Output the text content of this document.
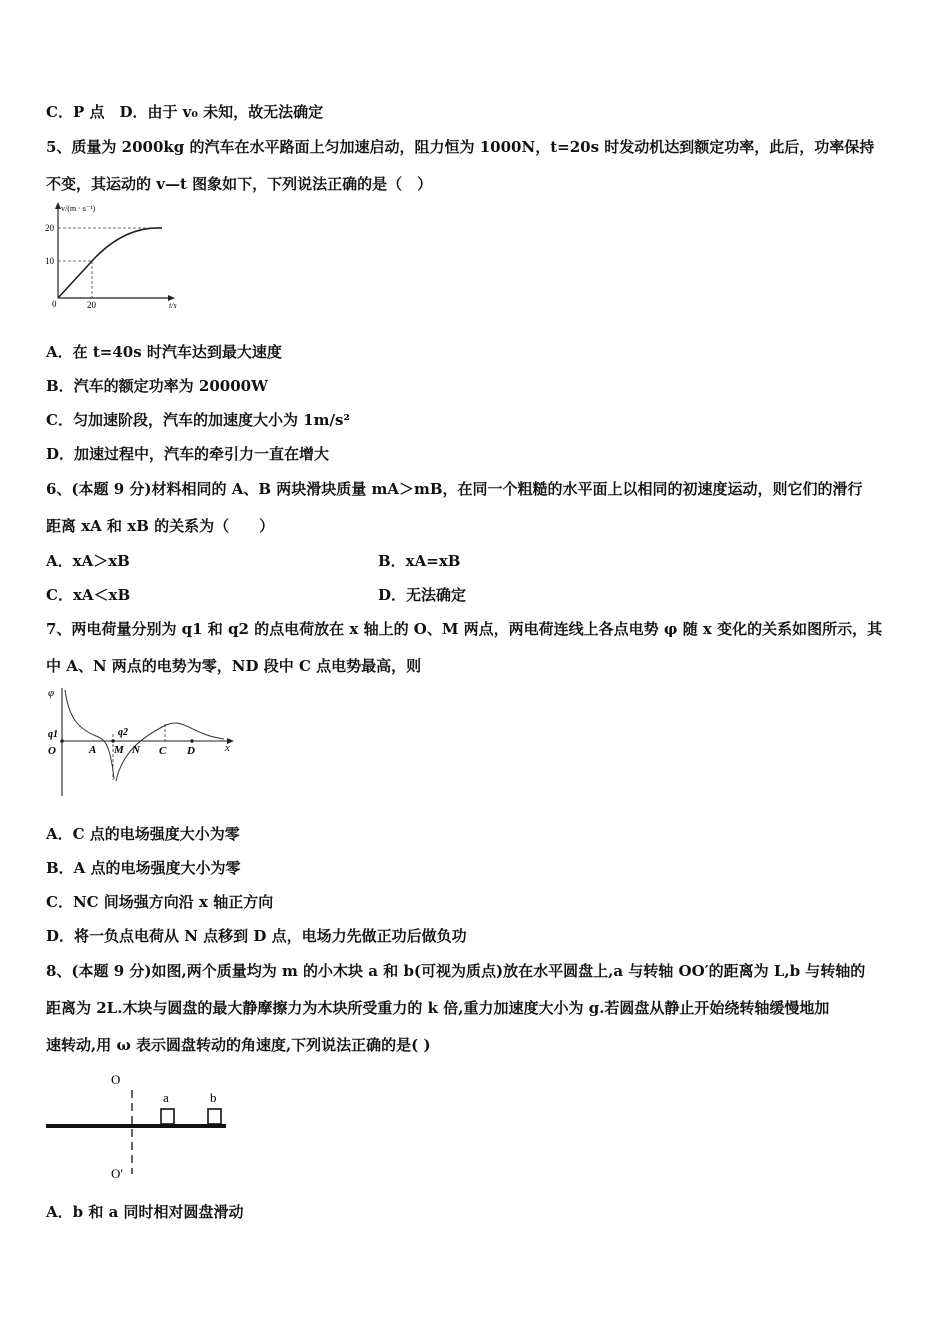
C．P 点　D．由于 v₀ 未知，故无法确定
5、质量为 2000kg 的汽车在水平路面上匀加速启动，阻力恒为 1000N，t=20s 时发动机达到额定功率，此后，功率保持
不变，其运动的 v—t 图象如下，下列说法正确的是（　）
v/(m · s⁻¹)
t/s
20
10
0	20
A．在 t=40s 时汽车达到最大速度
B．汽车的额定功率为 20000W
C．匀加速阶段，汽车的加速度大小为 1m/s²
D．加速过程中，汽车的牵引力一直在增大
6、(本题 9 分)材料相同的 A、B 两块滑块质量 mA＞mB，在同一个粗糙的水平面上以相同的初速度运动，则它们的滑行
距离 xA 和 xB 的关系为（　　）
A．xA＞xB	B．xA=xB
C．xA＜xB	D．无法确定
7、两电荷量分别为 q1 和 q2 的点电荷放在 x 轴上的 O、M 两点，两电荷连线上各点电势 φ 随 x 变化的关系如图所示，其
中 A、N 两点的电势为零，ND 段中 C 点电势最高，则
φ
q1
O	A
q2
M N C D	x
A．C 点的电场强度大小为零
B．A 点的电场强度大小为零
C．NC 间场强方向沿 x 轴正方向
D．将一负点电荷从 N 点移到 D 点，电场力先做正功后做负功
8、(本题 9 分)如图,两个质量均为 m 的小木块 a 和 b(可视为质点)放在水平圆盘上,a 与转轴 OO′的距离为 L,b 与转轴的
距离为 2L.木块与圆盘的最大静摩擦力为木块所受重力的 k 倍,重力加速度大小为 g.若圆盘从静止开始绕转轴缓慢地加
速转动,用 ω 表示圆盘转动的角速度,下列说法正确的是( )
O
O′
a	b
A．b 和 a 同时相对圆盘滑动
